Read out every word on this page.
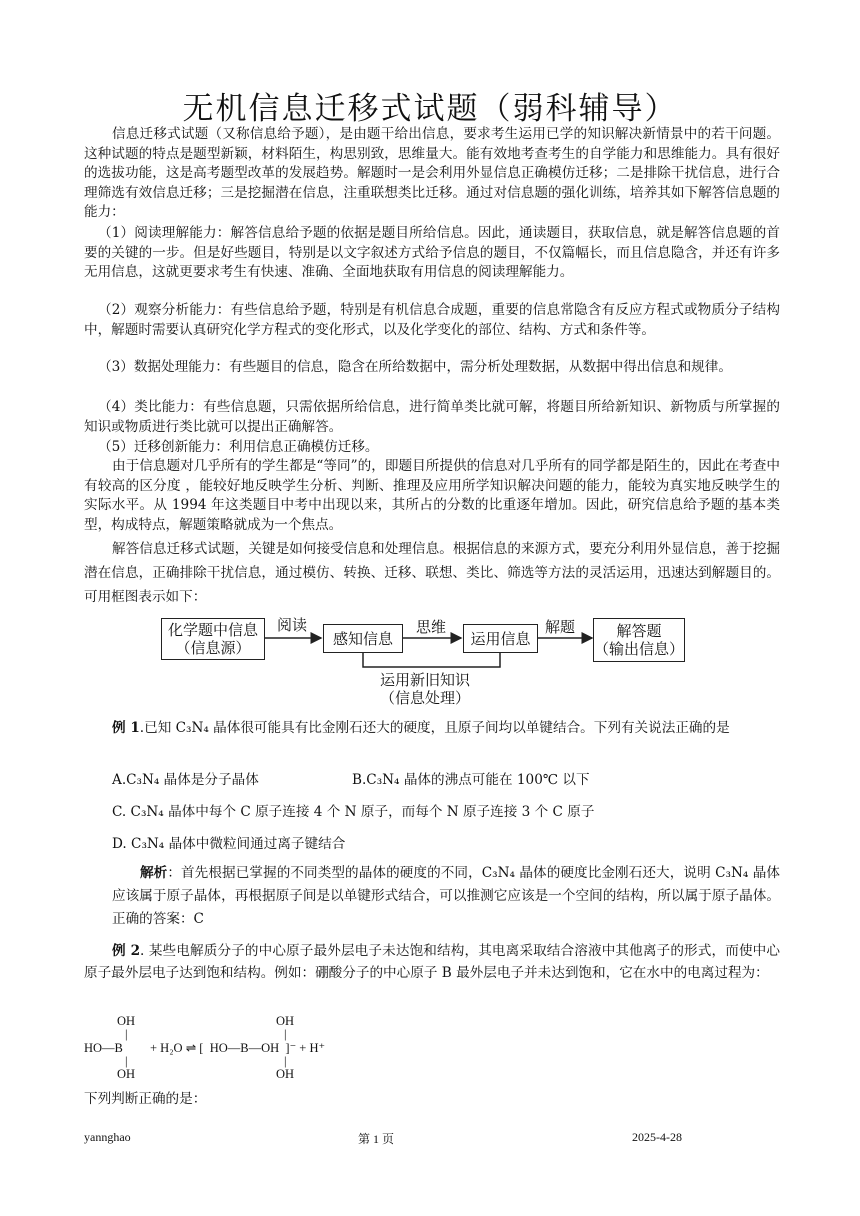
无机信息迁移式试题（弱科辅导）

信息迁移式试题（又称信息给予题），是由题干给出信息，要求考生运用已学的知识解决新情景中的若干问题。这种试题的特点是题型新颖，材料陌生，构思别致，思维量大。能有效地考查考生的自学能力和思维能力。具有很好的选拔功能，这是高考题型改革的发展趋势。解题时一是会利用外显信息正确模仿迁移；二是排除干扰信息，进行合理筛选有效信息迁移；三是挖掘潜在信息，注重联想类比迁移。通过对信息题的强化训练，培养其如下解答信息题的能力：

（1）阅读理解能力：解答信息给予题的依据是题目所给信息。因此，通读题目，获取信息，就是解答信息题的首要的关键的一步。但是好些题目，特别是以文字叙述方式给予信息的题目，不仅篇幅长，而且信息隐含，并还有许多无用信息，这就更要求考生有快速、准确、全面地获取有用信息的阅读理解能力。

（2）观察分析能力：有些信息给予题，特别是有机信息合成题，重要的信息常隐含有反应方程式或物质分子结构中，解题时需要认真研究化学方程式的变化形式，以及化学变化的部位、结构、方式和条件等。

（3）数据处理能力：有些题目的信息，隐含在所给数据中，需分析处理数据，从数据中得出信息和规律。

（4）类比能力：有些信息题，只需依据所给信息，进行简单类比就可解，将题目所给新知识、新物质与所掌握的知识或物质进行类比就可以提出正确解答。

（5）迁移创新能力：利用信息正确模仿迁移。

由于信息题对几乎所有的学生都是“等同”的，即题目所提供的信息对几乎所有的同学都是陌生的，因此在考查中有较高的区分度 ，能较好地反映学生分析、判断、推理及应用所学知识解决问题的能力，能较为真实地反映学生的实际水平。从 1994 年这类题目中考中出现以来，其所占的分数的比重逐年增加。因此，研究信息给予题的基本类型，构成特点，解题策略就成为一个焦点。

解答信息迁移式试题，关键是如何接受信息和处理信息。根据信息的来源方式，要充分利用外显信息，善于挖掘潜在信息，正确排除干扰信息，通过模仿、转换、迁移、联想、类比、筛选等方法的灵活运用，迅速达到解题目的。可用框图表示如下：

化学题中信息
（信息源）
阅读
感知信息
思维
运用信息
解题	解答题
（输出信息）
运用新旧知识
（信息处理）

例 1.已知 C₃N₄ 晶体很可能具有比金刚石还大的硬度，且原子间均以单键结合。下列有关说法正确的是

A.C₃N₄ 晶体是分子晶体	B.C₃N₄ 晶体的沸点可能在 100℃ 以下

C. C₃N₄ 晶体中每个 C 原子连接 4 个 N 原子，而每个 N 原子连接 3 个 C 原子

D. C₃N₄ 晶体中微粒间通过离子键结合

解析：首先根据已掌握的不同类型的晶体的硬度的不同，C₃N₄ 晶体的硬度比金刚石还大，说明 C₃N₄ 晶体应该属于原子晶体，再根据原子间是以单键形式结合，可以推测它应该是一个空间的结构，所以属于原子晶体。正确的答案：C

例 2. 某些电解质分子的中心原子最外层电子未达饱和结构，其电离采取结合溶液中其他离子的形式，而使中心原子最外层电子达到饱和结构。例如：硼酸分子的中心原子 B 最外层电子并未达到饱和，它在水中的电离过程为：

OH
|
HO—B
|
OH
OH
|
+ H₂O ⇌ [  HO—B—OH  ]⁻ + H⁺
|
OH

下列判断正确的是：

yannghao	第 1 页	2025-4-28
